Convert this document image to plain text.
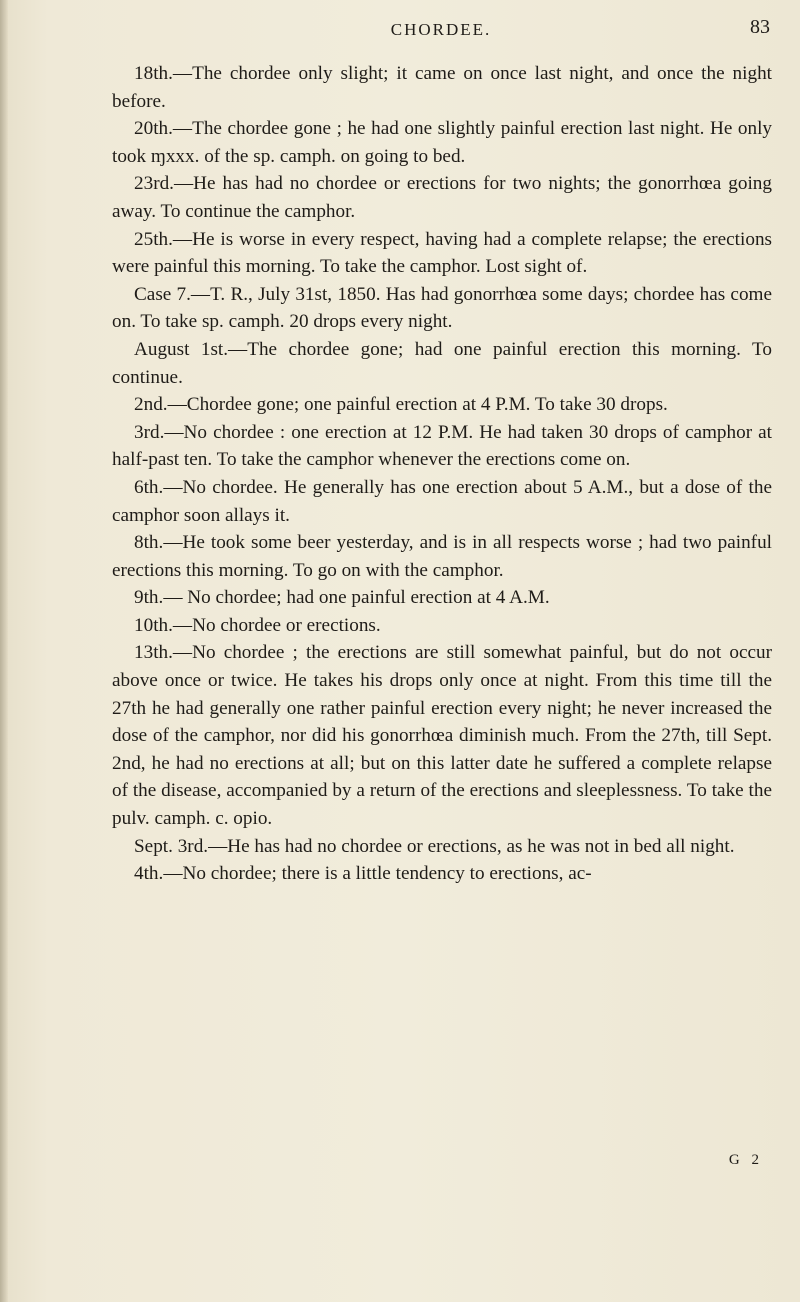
CHORDEE.	83

18th.—The chordee only slight; it came on once last night, and once the night before.

20th.—The chordee gone ; he had one slightly painful erection last night. He only took ɱxxx. of the sp. camph. on going to bed.

23rd.—He has had no chordee or erections for two nights; the gonorrhœa going away. To continue the camphor.

25th.—He is worse in every respect, having had a complete relapse; the erections were painful this morning. To take the camphor. Lost sight of.

Case 7.—T. R., July 31st, 1850. Has had gonorrhœa some days; chordee has come on. To take sp. camph. 20 drops every night.

August 1st.—The chordee gone; had one painful erection this morning. To continue.

2nd.—Chordee gone; one painful erection at 4 P.M. To take 30 drops.

3rd.—No chordee : one erection at 12 P.M. He had taken 30 drops of camphor at half-past ten. To take the camphor whenever the erections come on.

6th.—No chordee. He generally has one erection about 5 A.M., but a dose of the camphor soon allays it.

8th.—He took some beer yesterday, and is in all respects worse ; had two painful erections this morning. To go on with the camphor.

9th.— No chordee; had one painful erection at 4 A.M.

10th.—No chordee or erections.

13th.—No chordee ; the erections are still somewhat painful, but do not occur above once or twice. He takes his drops only once at night. From this time till the 27th he had generally one rather painful erection every night; he never increased the dose of the camphor, nor did his gonorrhœa diminish much. From the 27th, till Sept. 2nd, he had no erections at all; but on this latter date he suffered a complete relapse of the disease, accompanied by a return of the erections and sleeplessness. To take the pulv. camph. c. opio.

Sept. 3rd.—He has had no chordee or erections, as he was not in bed all night.

4th.—No chordee; there is a little tendency to erections, ac-

G 2
